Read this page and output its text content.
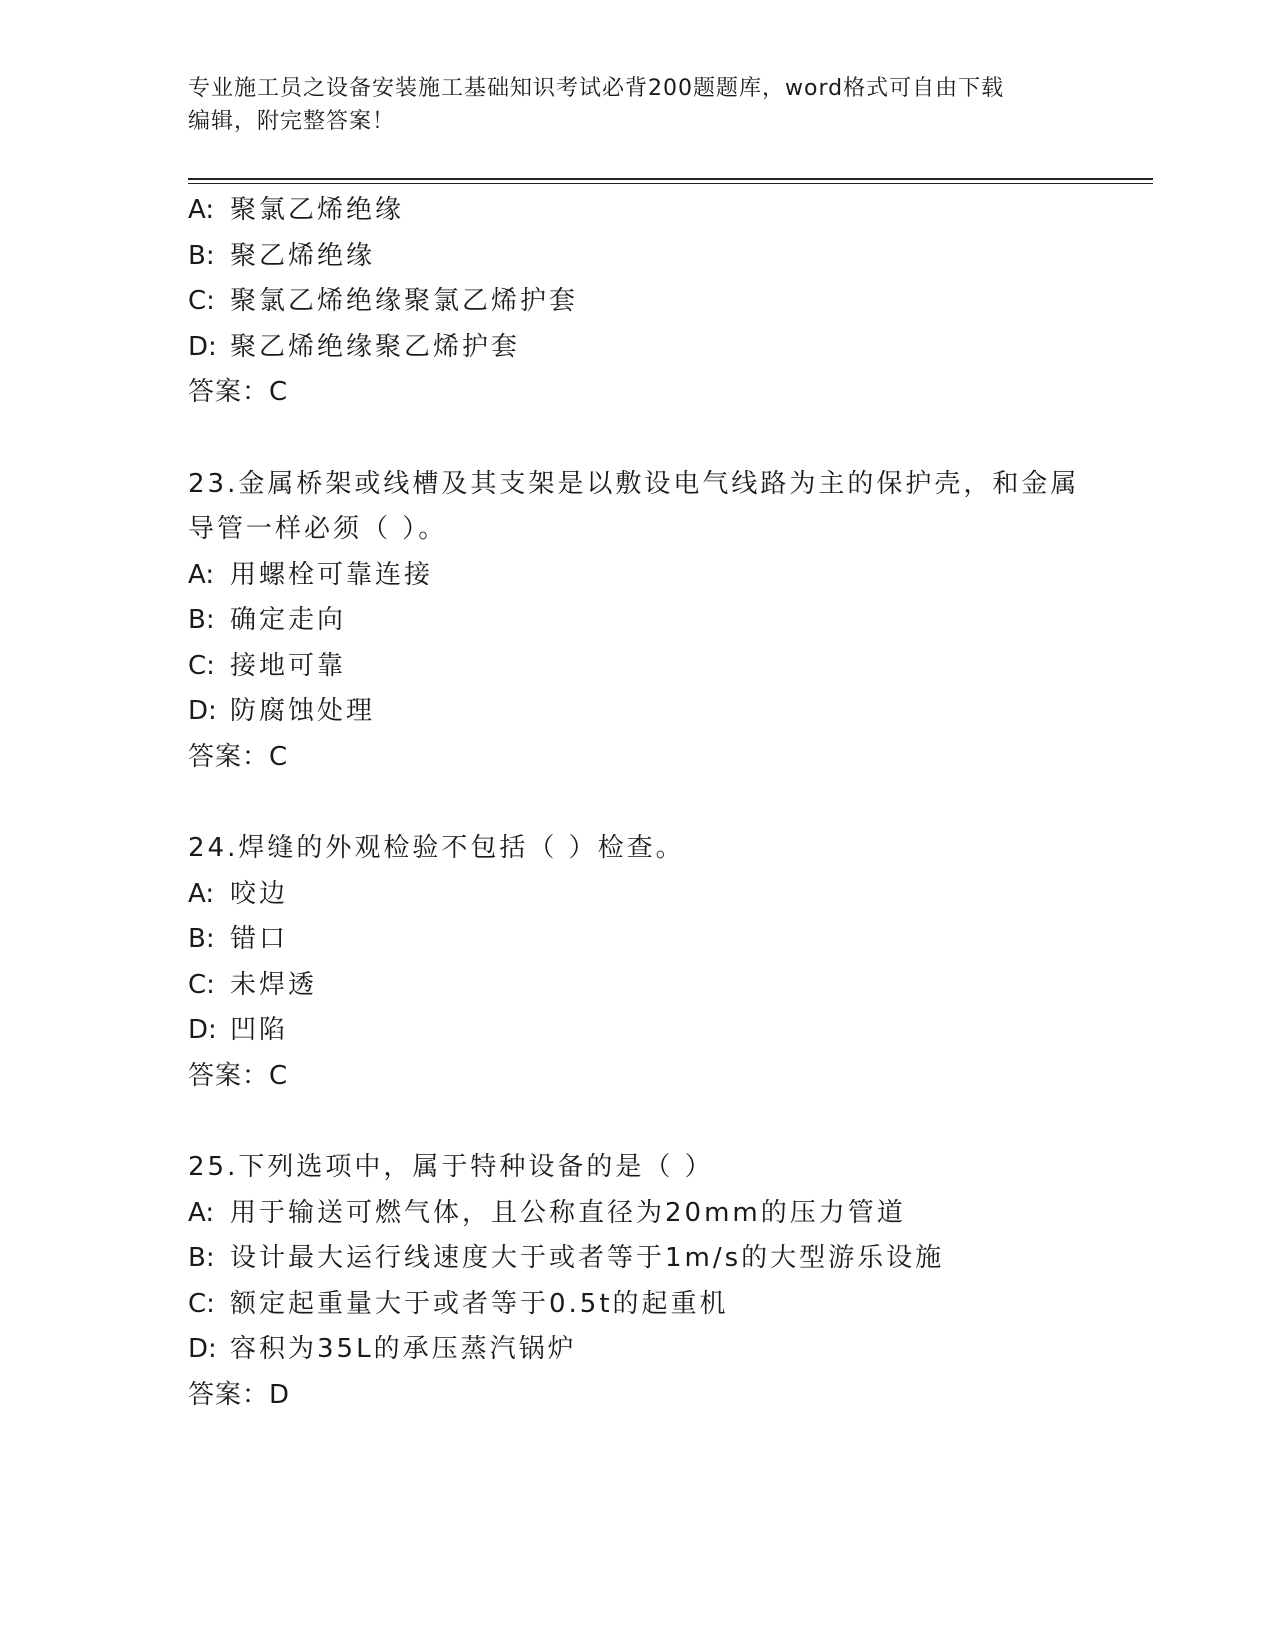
专业施工员之设备安装施工基础知识考试必背200题题库，word格式可自由下载
编辑，附完整答案！
A: 聚氯乙烯绝缘
B: 聚乙烯绝缘
C: 聚氯乙烯绝缘聚氯乙烯护套
D: 聚乙烯绝缘聚乙烯护套
答案：C
23.金属桥架或线槽及其支架是以敷设电气线路为主的保护壳，和金属
导管一样必须（ ）。
A: 用螺栓可靠连接
B: 确定走向
C: 接地可靠
D: 防腐蚀处理
答案：C
24.焊缝的外观检验不包括（ ）检查。
A: 咬边
B: 错口
C: 未焊透
D: 凹陷
答案：C
25.下列选项中，属于特种设备的是（ ）
A: 用于输送可燃气体，且公称直径为20mm的压力管道
B: 设计最大运行线速度大于或者等于1m/s的大型游乐设施
C: 额定起重量大于或者等于0.5t的起重机
D: 容积为35L的承压蒸汽锅炉
答案：D
